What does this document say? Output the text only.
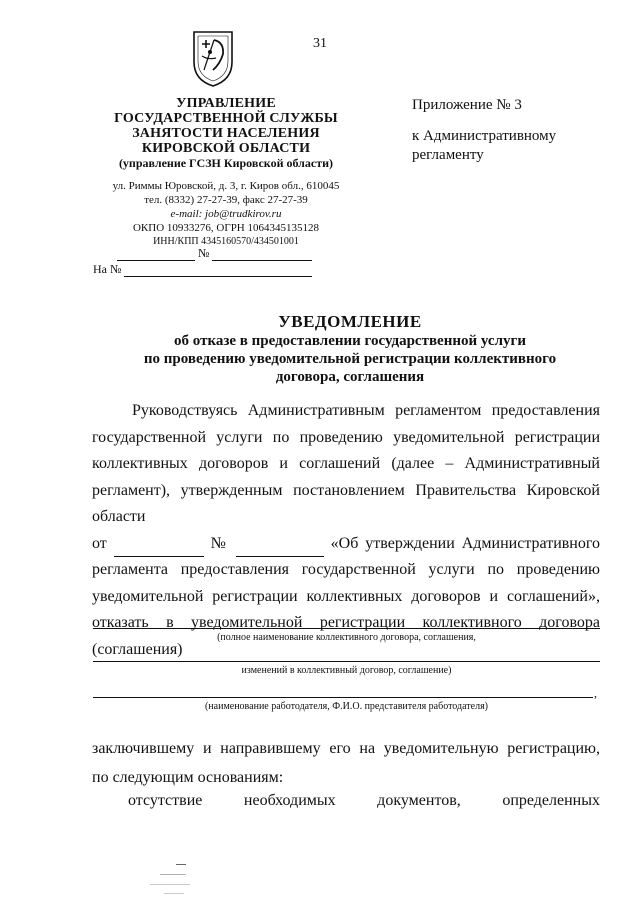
31
УПРАВЛЕНИЕ
ГОСУДАРСТВЕННОЙ СЛУЖБЫ
ЗАНЯТОСТИ НАСЕЛЕНИЯ
КИРОВСКОЙ ОБЛАСТИ
(управление ГСЗН Кировской области)
ул. Риммы Юровской, д. 3, г. Киров обл., 610045
тел. (8332) 27-27-39, факс 27-27-39
e-mail: job@trudkirov.ru
ОКПО 10933276, ОГРН 1064345135128
ИНН/КПП 4345160570/434501001
Приложение № 3
к Административному
регламенту
№
На №
УВЕДОМЛЕНИЕ
об отказе в предоставлении государственной услуги
по проведению уведомительной регистрации коллективного
договора, соглашения

Руководствуясь Административным регламентом предоставления

государственной услуги по проведению уведомительной регистрации

коллективных договоров и соглашений (далее – Административный

регламент), утвержденным постановлением Правительства Кировской области

от	№	«Об утверждении Административного

регламента предоставления государственной услуги по проведению

уведомительной регистрации коллективных договоров и соглашений»,

отказать в уведомительной регистрации коллективного договора (соглашения)

(полное наименование коллективного договора, соглашения,
изменений в коллективный договор, соглашение)
,
(наименование работодателя, Ф.И.О. представителя работодателя)

заключившему и направившему его на уведомительную регистрацию,

по следующим основаниям:

отсутствие	необходимых	документов,	определенных
